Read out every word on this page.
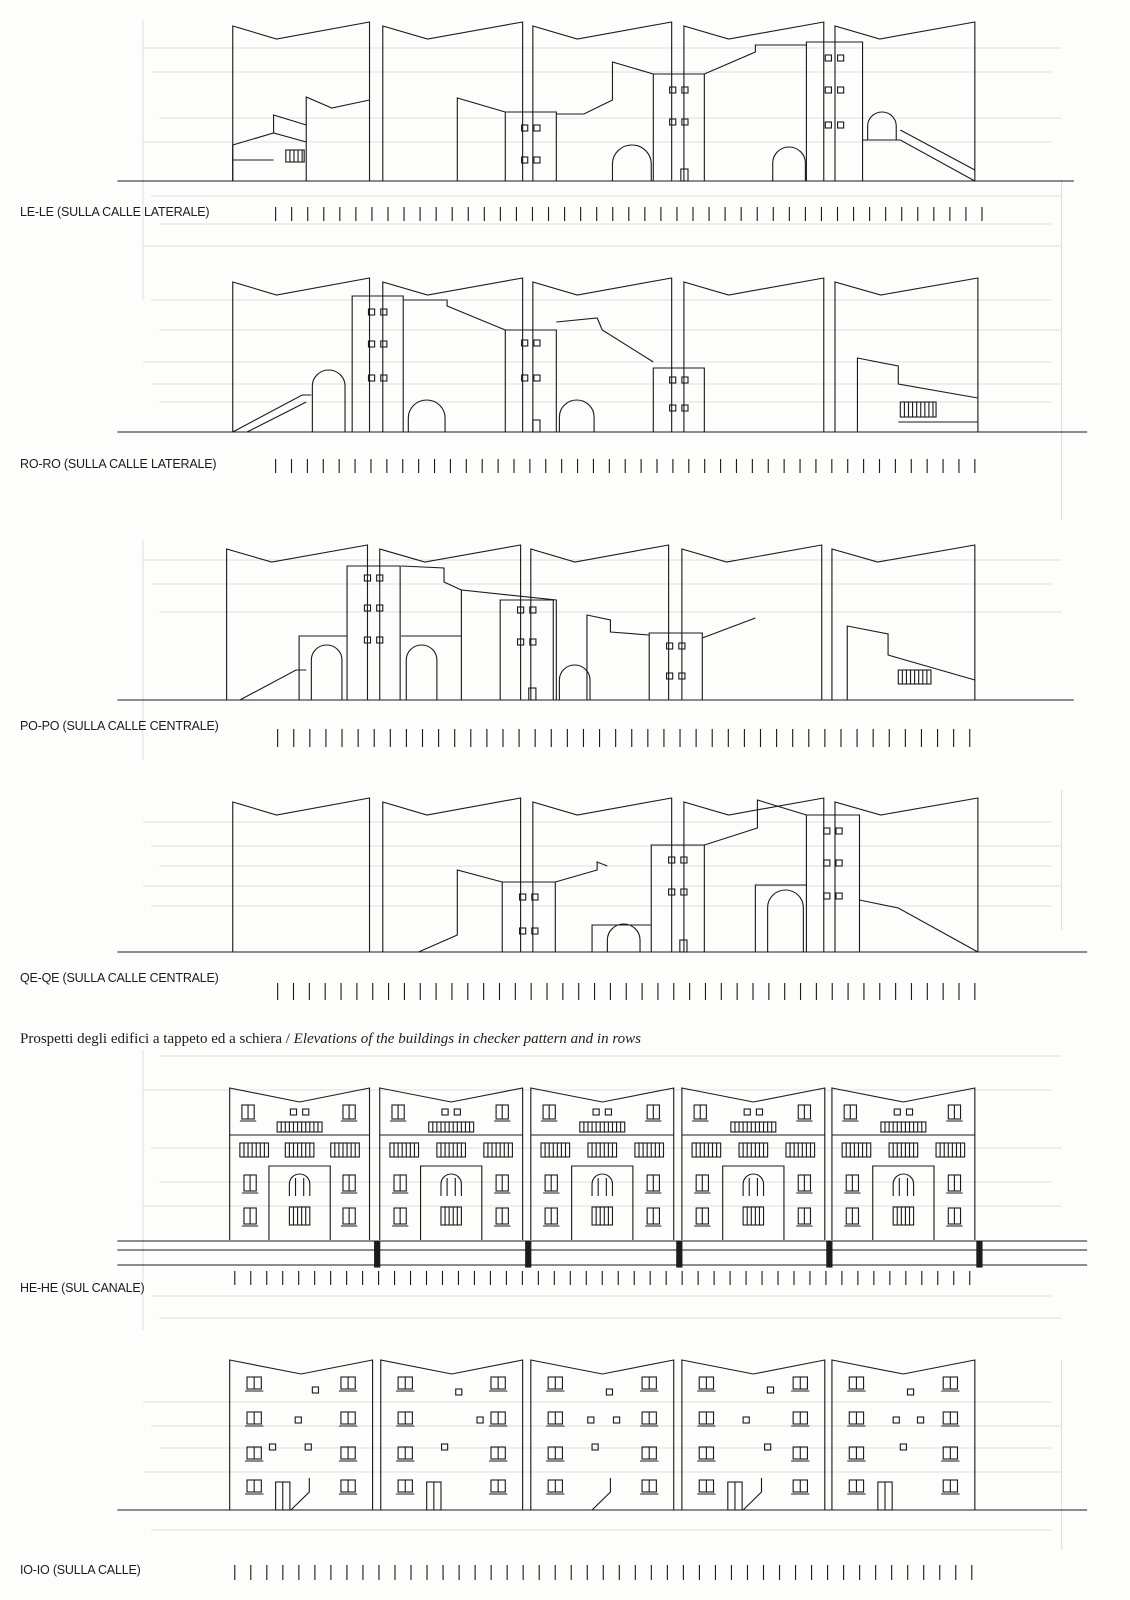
LE-LE (SULLA CALLE LATERALE)
RO-RO (SULLA CALLE LATERALE)
PO-PO (SULLA CALLE CENTRALE)
QE-QE (SULLA CALLE CENTRALE)
Prospetti degli edifici a tappeto ed a schiera / Elevations of the buildings in checker pattern and in rows
HE-HE (SUL CANALE)
IO-IO (SULLA CALLE)
